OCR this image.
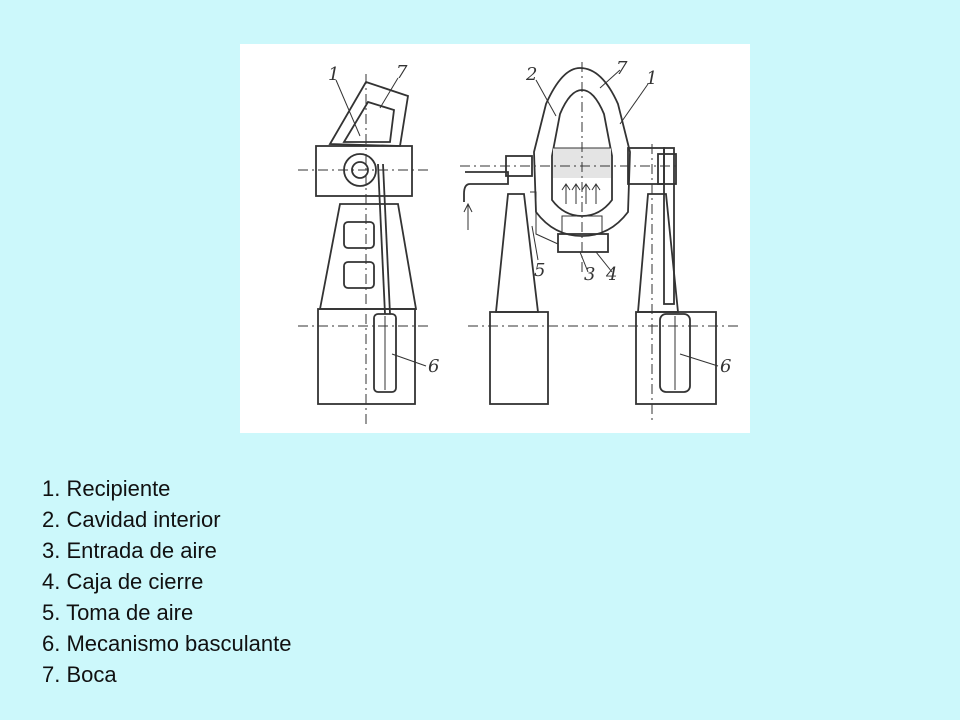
1	7
6
2	7 1
5 3 4
6
1. Recipiente
2. Cavidad interior
3. Entrada de aire
4. Caja de cierre
5. Toma de aire
6. Mecanismo basculante
7. Boca
